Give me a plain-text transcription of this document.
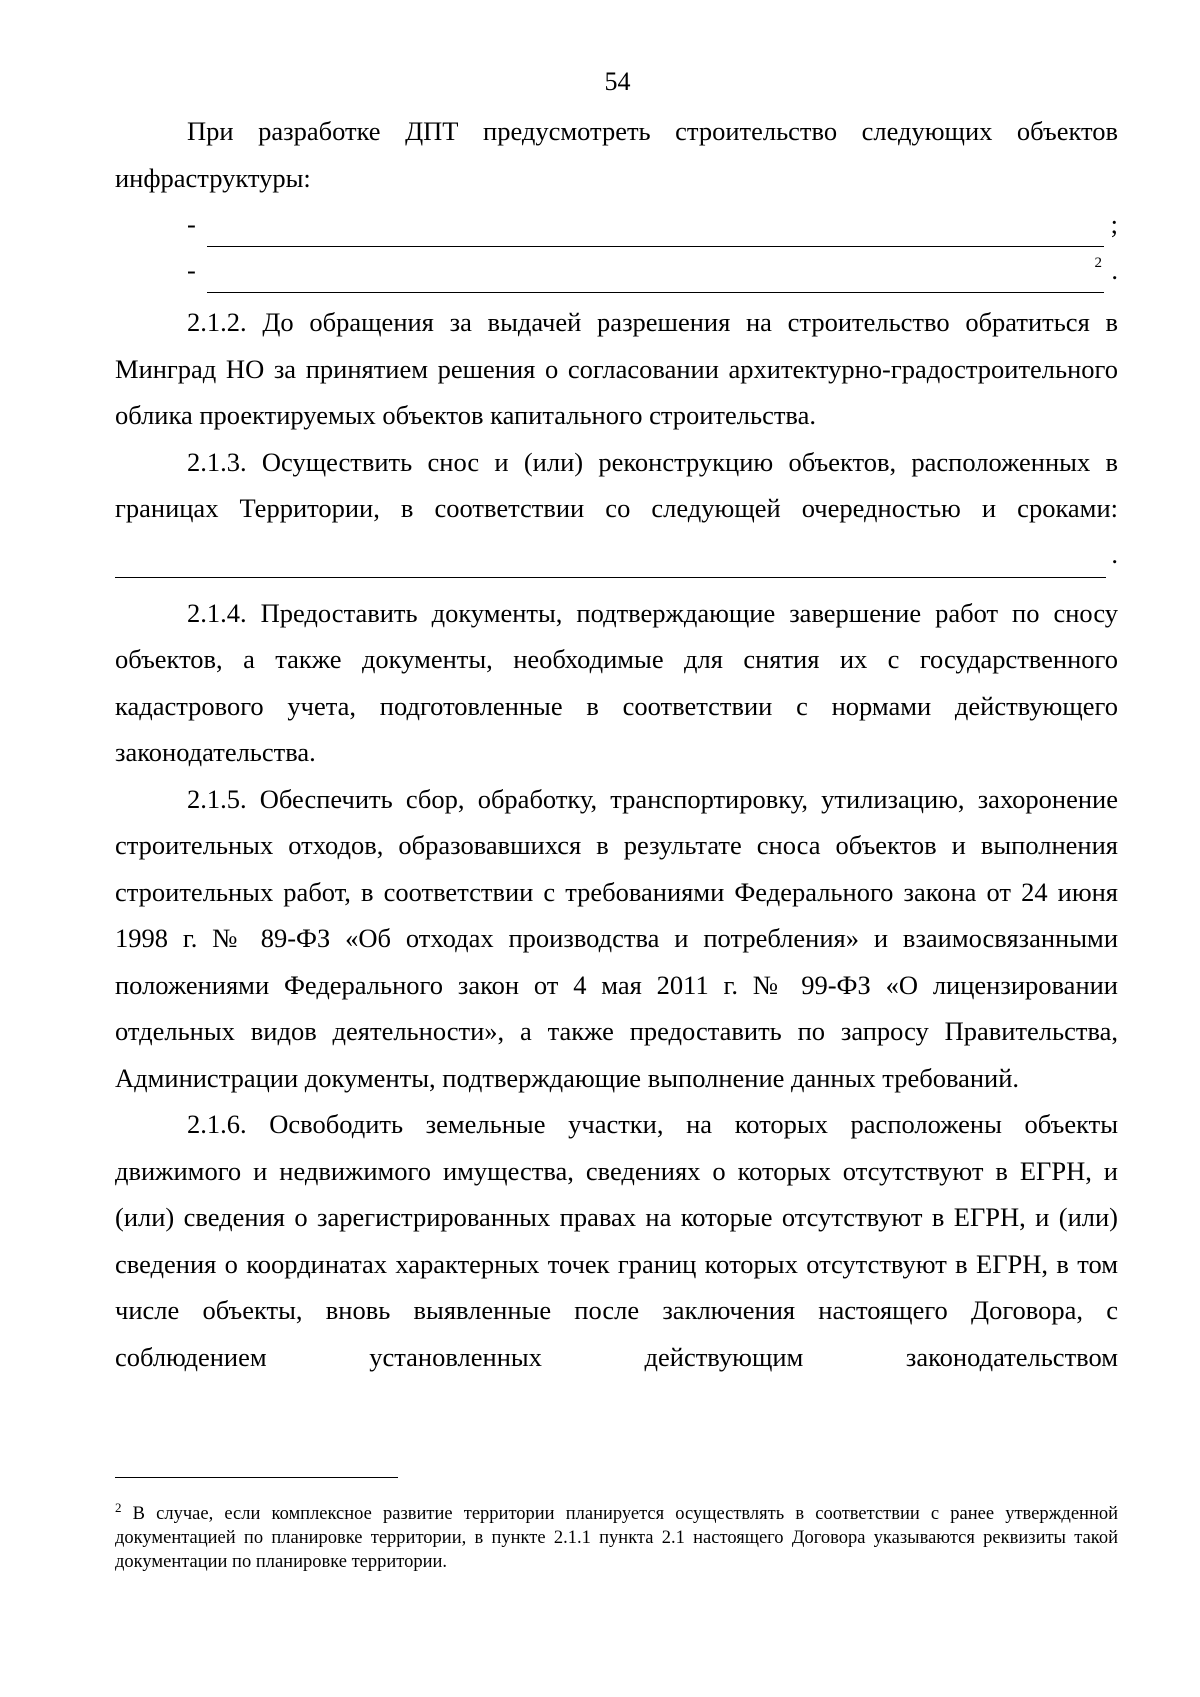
54

При разработке ДПТ предусмотреть строительство следующих объектов инфраструктуры:

-	;
-	2 .

2.1.2. До обращения за выдачей разрешения на строительство обратиться в Минград НО за принятием решения о согласовании архитектурно-градостроительного облика проектируемых объектов капитального строительства.

2.1.3. Осуществить снос и (или) реконструкцию объектов, расположенных в границах Территории, в соответствии со следующей очередностью и сроками:

.

2.1.4. Предоставить документы, подтверждающие завершение работ по сносу объектов, а также документы, необходимые для снятия их с государственного кадастрового учета, подготовленные в соответствии с нормами действующего законодательства.

2.1.5. Обеспечить сбор, обработку, транспортировку, утилизацию, захоронение строительных отходов, образовавшихся в результате сноса объектов и выполнения строительных работ, в соответствии с требованиями Федерального закона от 24 июня 1998 г. № 89-ФЗ «Об отходах производства и потребления» и взаимосвязанными положениями Федерального закон от 4 мая 2011 г. № 99-ФЗ «О лицензировании отдельных видов деятельности», а также предоставить по запросу Правительства, Администрации документы, подтверждающие выполнение данных требований.

2.1.6. Освободить земельные участки, на которых расположены объекты движимого и недвижимого имущества, сведениях о которых отсутствуют в ЕГРН, и (или) сведения о зарегистрированных правах на которые отсутствуют в ЕГРН, и (или) сведения о координатах характерных точек границ которых отсутствуют в ЕГРН, в том числе объекты, вновь выявленные после заключения настоящего Договора, с соблюдением установленных действующим законодательством

$^2$ В случае, если комплексное развитие территории планируется осуществлять в соответствии с ранее утвержденной документацией по планировке территории, в пункте 2.1.1 пункта 2.1 настоящего Договора указываются реквизиты такой документации по планировке территории.
